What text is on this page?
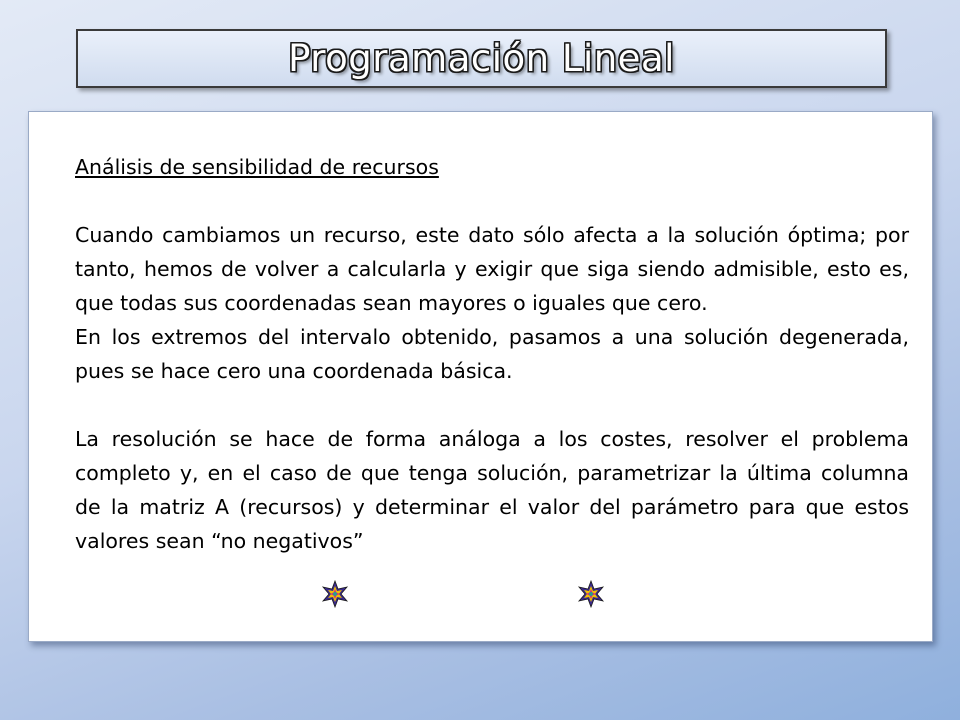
Programación Lineal

Análisis de sensibilidad de recursos

Cuando cambiamos un recurso, este dato sólo afecta a la solución óptima; por tanto, hemos de volver a calcularla y exigir que siga siendo admisible, esto es, que todas sus coordenadas sean mayores o iguales que cero.

En los extremos del intervalo obtenido, pasamos a una solución degenerada, pues se hace cero una coordenada básica.

La resolución se hace de forma análoga a los costes, resolver el problema completo y, en el caso de que tenga solución, parametrizar la última columna de la matriz A (recursos) y determinar el valor del parámetro para que estos valores sean “no negativos”
